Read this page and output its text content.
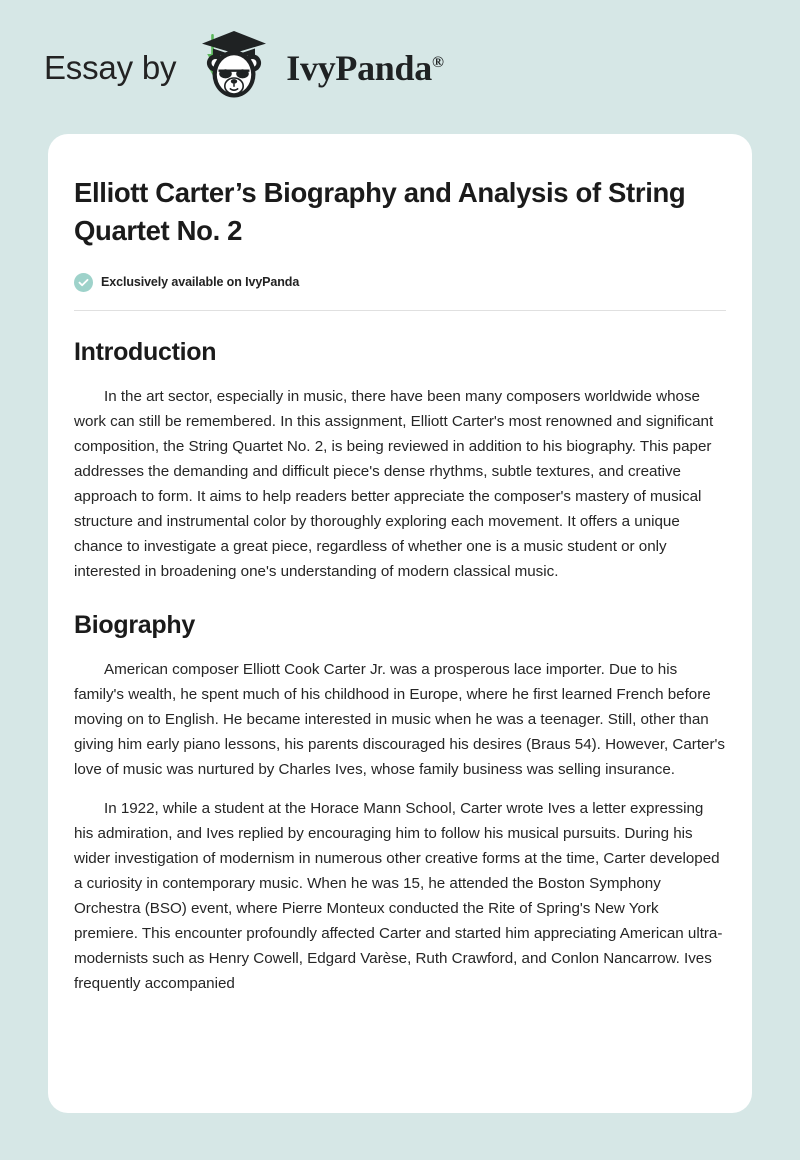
Essay by	IvyPanda®
Elliott Carter’s Biography and Analysis of String Quartet No. 2
Exclusively available on IvyPanda
Introduction

In the art sector, especially in music, there have been many composers worldwide whose work can still be remembered. In this assignment, Elliott Carter's most renowned and significant composition, the String Quartet No. 2, is being reviewed in addition to his biography. This paper addresses the demanding and difficult piece's dense rhythms, subtle textures, and creative approach to form. It aims to help readers better appreciate the composer's mastery of musical structure and instrumental color by thoroughly exploring each movement. It offers a unique chance to investigate a great piece, regardless of whether one is a music student or only interested in broadening one's understanding of modern classical music.

Biography

American composer Elliott Cook Carter Jr. was a prosperous lace importer. Due to his family's wealth, he spent much of his childhood in Europe, where he first learned French before moving on to English. He became interested in music when he was a teenager. Still, other than giving him early piano lessons, his parents discouraged his desires (Braus 54). However, Carter's love of music was nurtured by Charles Ives, whose family business was selling insurance.

In 1922, while a student at the Horace Mann School, Carter wrote Ives a letter expressing his admiration, and Ives replied by encouraging him to follow his musical pursuits. During his wider investigation of modernism in numerous other creative forms at the time, Carter developed a curiosity in contemporary music. When he was 15, he attended the Boston Symphony Orchestra (BSO) event, where Pierre Monteux conducted the Rite of Spring's New York premiere. This encounter profoundly affected Carter and started him appreciating American ultra-modernists such as Henry Cowell, Edgard Varèse, Ruth Crawford, and Conlon Nancarrow. Ives frequently accompanied
